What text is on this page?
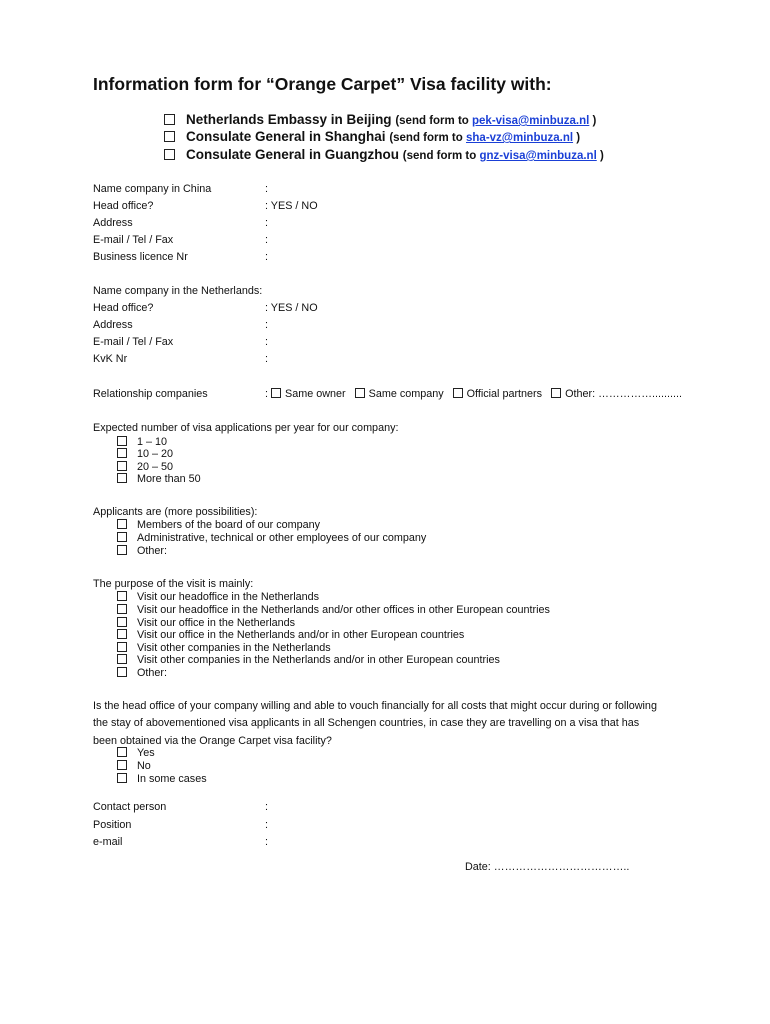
Information form for “Orange Carpet” Visa facility with:
Netherlands Embassy in Beijing (send form to pek-visa@minbuza.nl )
Consulate General in Shanghai (send form to sha-vz@minbuza.nl )
Consulate General in Guangzhou (send form to gnz-visa@minbuza.nl )
Name company in China	:
Head office?	: YES / NO
Address	:
E-mail / Tel / Fax	:
Business licence Nr	:
Name company in the Netherlands:
Head office?	: YES / NO
Address	:
E-mail / Tel / Fax	:
KvK Nr	:
Relationship companies	: Same owner Same company Official partners Other: ……………..........
Expected number of visa applications per year for our company:
1 – 10
10 – 20
20 – 50
More than 50
Applicants are (more possibilities):
Members of the board of our company
Administrative, technical or other employees of our company
Other:
The purpose of the visit is mainly:
Visit our headoffice in the Netherlands
Visit our headoffice in the Netherlands and/or other offices in other European countries
Visit our office in the Netherlands
Visit our office in the Netherlands and/or in other European countries
Visit other companies in the Netherlands
Visit other companies in the Netherlands and/or in other European countries
Other:
Is the head office of your company willing and able to vouch financially for all costs that might occur during or following
the stay of abovementioned visa applicants in all Schengen countries, in case they are travelling on a visa that has
been obtained via the Orange Carpet visa facility?
Yes
No
In some cases
Contact person	:
Position	:
e-mail	:
Date: ………………………………..
